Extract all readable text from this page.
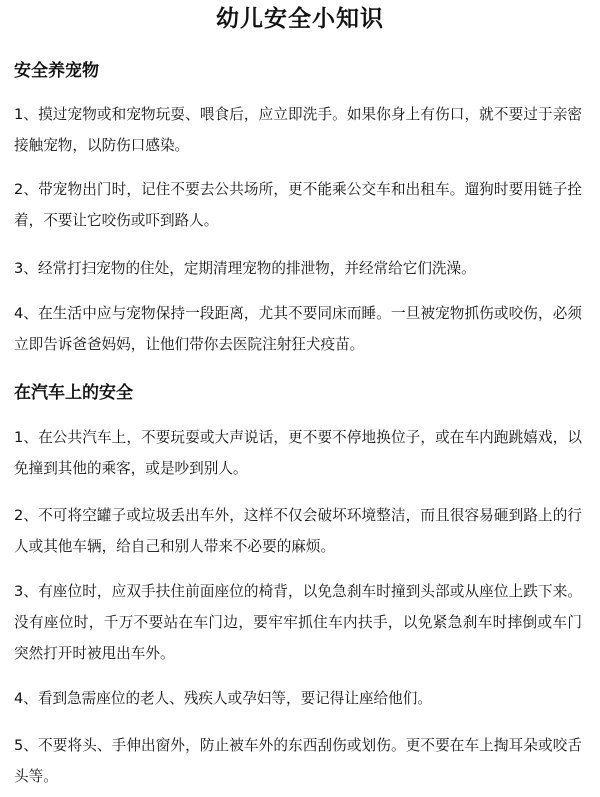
幼儿安全小知识
安全养宠物

1、摸过宠物或和宠物玩耍、喂食后，应立即洗手。如果你身上有伤口，就不要过于亲密接触宠物，以防伤口感染。

2、带宠物出门时，记住不要去公共场所，更不能乘公交车和出租车。遛狗时要用链子拴着，不要让它咬伤或吓到路人。

3、经常打扫宠物的住处，定期清理宠物的排泄物，并经常给它们洗澡。

4、在生活中应与宠物保持一段距离，尤其不要同床而睡。一旦被宠物抓伤或咬伤，必须立即告诉爸爸妈妈，让他们带你去医院注射狂犬疫苗。

在汽车上的安全

1、在公共汽车上，不要玩耍或大声说话，更不要不停地换位子，或在车内跑跳嬉戏，以免撞到其他的乘客，或是吵到别人。

2、不可将空罐子或垃圾丢出车外，这样不仅会破坏环境整洁，而且很容易砸到路上的行人或其他车辆，给自己和别人带来不必要的麻烦。

3、有座位时，应双手扶住前面座位的椅背，以免急刹车时撞到头部或从座位上跌下来。没有座位时，千万不要站在车门边，要牢牢抓住车内扶手，以免紧急刹车时摔倒或车门突然打开时被甩出车外。

4、看到急需座位的老人、残疾人或孕妇等，要记得让座给他们。

5、不要将头、手伸出窗外，防止被车外的东西刮伤或划伤。更不要在车上掏耳朵或咬舌头等。
